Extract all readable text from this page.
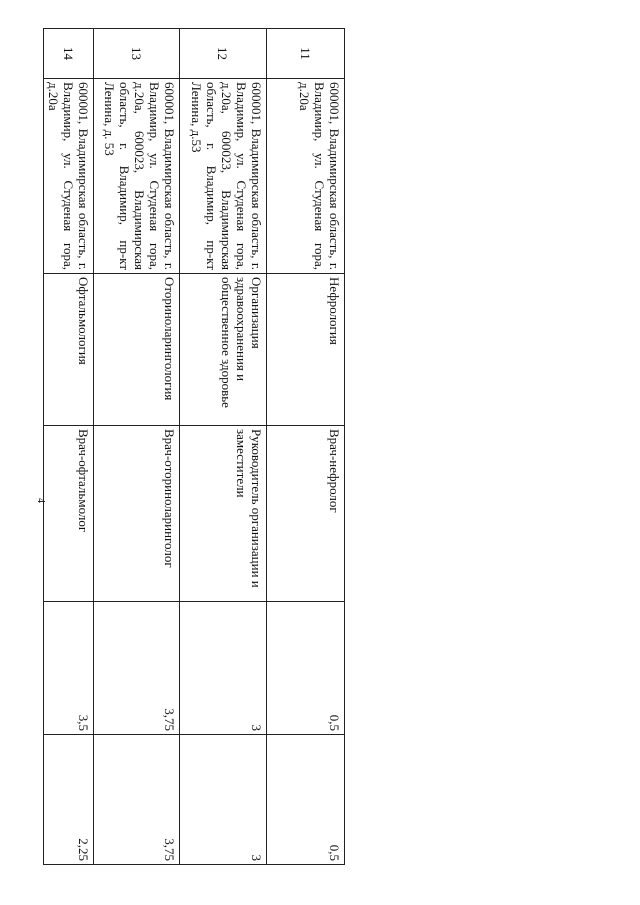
4
11	600001, Владимирская область, г. Владимир, ул. Студеная гора, д.20а	Нефрология	Врач-нефролог	0,5	0,5
12	600001, Владимирская область, г. Владимир, ул. Студеная гора, д.20а, 600023, Владимирская область, г. Владимир, пр-кт Ленина, д.53	Организация здравоохранения и общественное здоровье	Руководитель организации и заместители	3	3
13	600001, Владимирская область, г. Владимир, ул. Студеная гора, д.20а, 600023, Владимирская область, г. Владимир, пр-кт Ленина, д. 53	Оториноларингология	Врач-оториноларинголог	3,75	3,75
14	600001, Владимирская область, г. Владимир, ул. Студеная гора, д.20а	Офтальмология	Врач-офтальмолог	3,5	2,25
